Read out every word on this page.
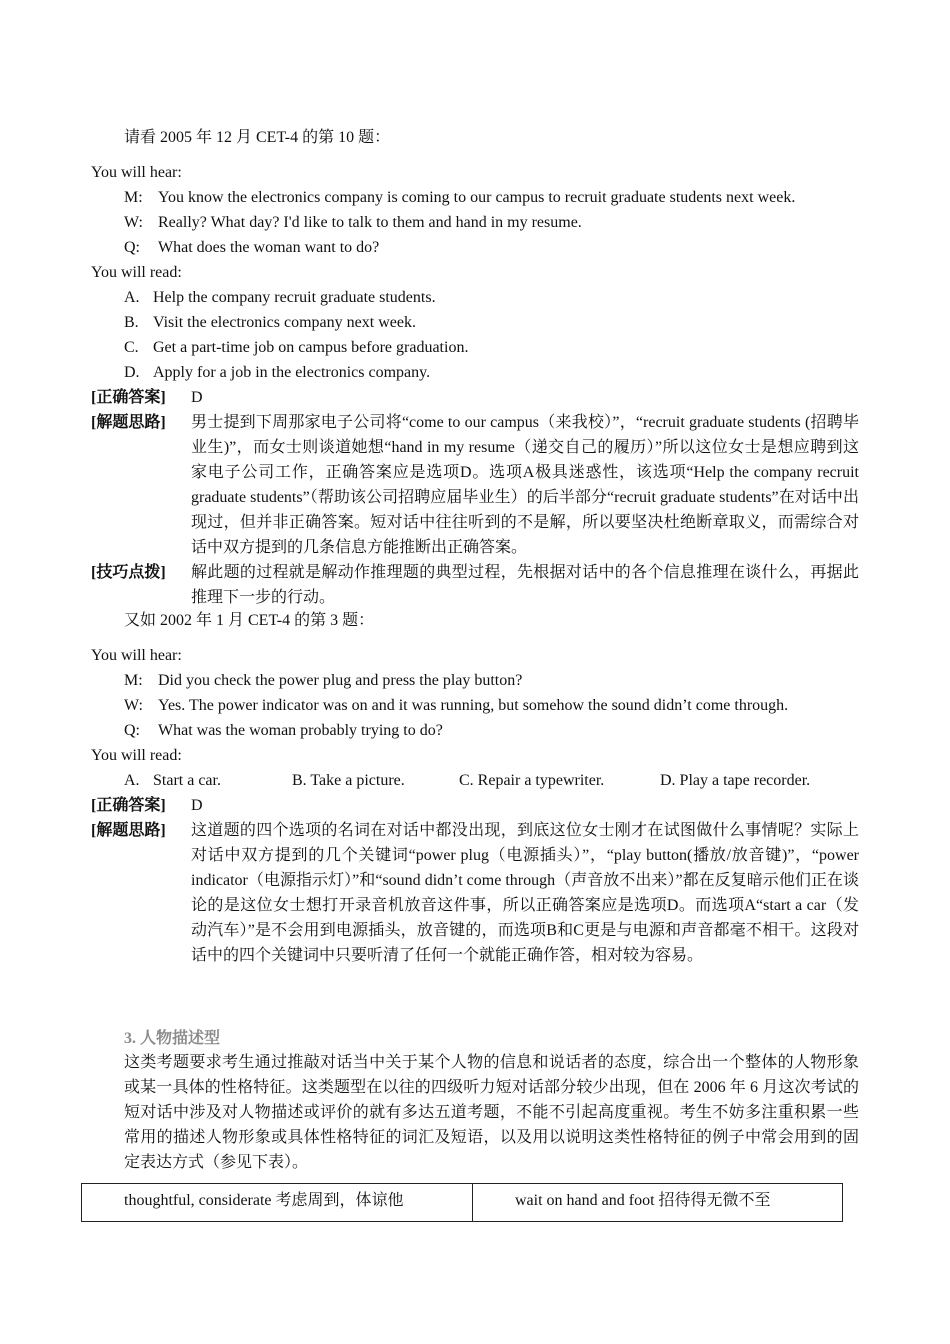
请看 2005 年 12 月 CET-4 的第 10 题：
You will hear:
M: You know the electronics company is coming to our campus to recruit graduate students next week.
W: Really? What day? I'd like to talk to them and hand in my resume.
Q:	What does the woman want to do?
You will read:
A. Help the company recruit graduate students.
B. Visit the electronics company next week.
C. Get a part-time job on campus before graduation.
D. Apply for a job in the electronics company.
[正确答案] D
[解题思路] 男士提到下周那家电子公司将“come to our campus（来我校）”，“recruit graduate students (招聘毕业生)”，而女士则谈道她想“hand in my resume（递交自己的履历）”所以这位女士是想应聘到这家电子公司工作，正确答案应是选项D。选项A极具迷惑性，该选项“Help the company recruit graduate students”（帮助该公司招聘应届毕业生）的后半部分“recruit graduate students”在对话中出现过，但并非正确答案。短对话中往往听到的不是解，所以要坚决杜绝断章取义，而需综合对话中双方提到的几条信息方能推断出正确答案。
[技巧点拨] 解此题的过程就是解动作推理题的典型过程，先根据对话中的各个信息推理在谈什么，再据此推理下一步的行动。
又如 2002 年 1 月 CET-4 的第 3 题：
You will hear:
M: Did you check the power plug and press the play button?
W: Yes. The power indicator was on and it was running, but somehow the sound didn’t come through.
Q:	What was the woman probably trying to do?
You will read:
A. Start a car.	B. Take a picture.	C. Repair a typewriter.	D. Play a tape recorder.
[正确答案] D
[解题思路] 这道题的四个选项的名词在对话中都没出现，到底这位女士刚才在试图做什么事情呢？实际上对话中双方提到的几个关键词“power plug（电源插头）”，“play button(播放/放音键)”，“power indicator（电源指示灯）”和“sound didn’t come through（声音放不出来）”都在反复暗示他们正在谈论的是这位女士想打开录音机放音这件事，所以正确答案应是选项D。而选项A“start a car（发动汽车）”是不会用到电源插头，放音键的，而选项B和C更是与电源和声音都毫不相干。这段对话中的四个关键词中只要听清了任何一个就能正确作答，相对较为容易。
3. 人物描述型
这类考题要求考生通过推敲对话当中关于某个人物的信息和说话者的态度，综合出一个整体的人物形象或某一具体的性格特征。这类题型在以往的四级听力短对话部分较少出现，但在 2006 年 6 月这次考试的短对话中涉及对人物描述或评价的就有多达五道考题，不能不引起高度重视。考生不妨多注重积累一些常用的描述人物形象或具体性格特征的词汇及短语，以及用以说明这类性格特征的例子中常会用到的固定表达方式（参见下表）。
thoughtful, considerate 考虑周到，体谅他	wait on hand and foot 招待得无微不至
